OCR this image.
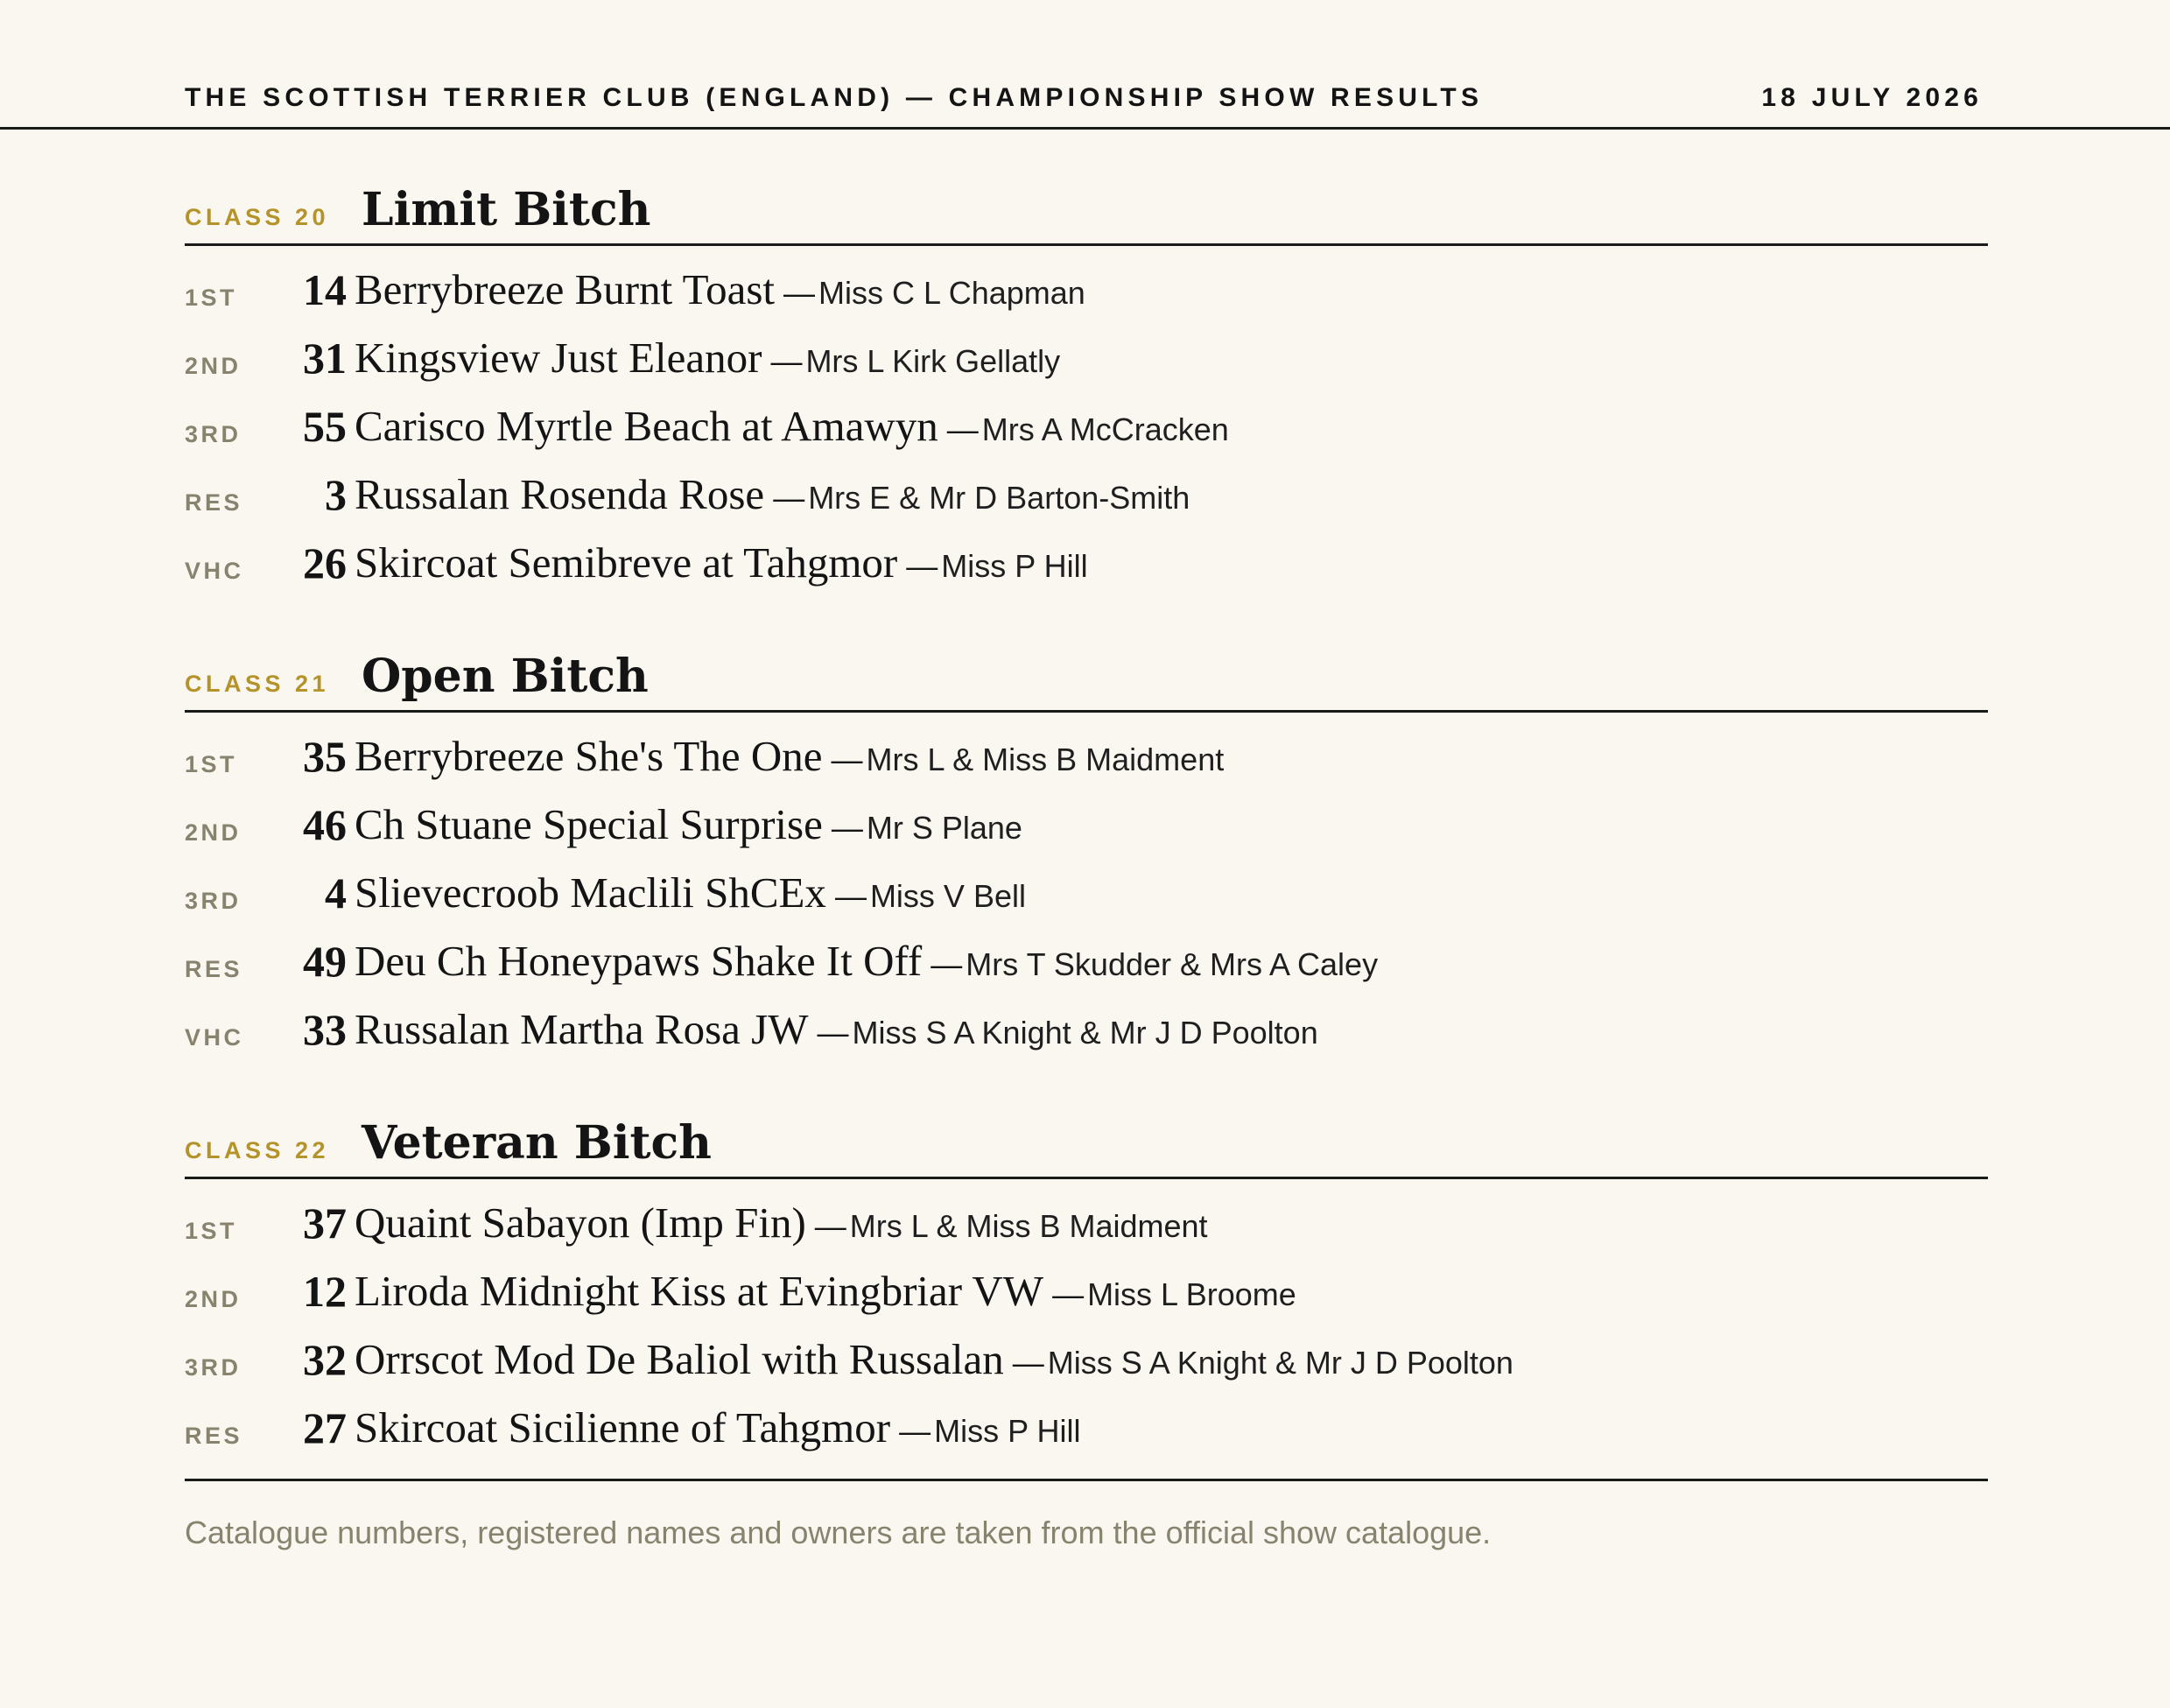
THE SCOTTISH TERRIER CLUB (ENGLAND) — CHAMPIONSHIP SHOW RESULTS	18 JULY 2026
CLASS 20 Limit Bitch
1ST	14 Berrybreeze Burnt Toast — Miss C L Chapman
2ND	31 Kingsview Just Eleanor — Mrs L Kirk Gellatly
3RD	55 Carisco Myrtle Beach at Amawyn — Mrs A McCracken
RES	3 Russalan Rosenda Rose — Mrs E & Mr D Barton-Smith
VHC	26 Skircoat Semibreve at Tahgmor — Miss P Hill
CLASS 21 Open Bitch
1ST	35 Berrybreeze She's The One — Mrs L & Miss B Maidment
2ND	46 Ch Stuane Special Surprise — Mr S Plane
3RD	4 Slievecroob Maclili ShCEx — Miss V Bell
RES	49 Deu Ch Honeypaws Shake It Off — Mrs T Skudder & Mrs A Caley
VHC	33 Russalan Martha Rosa JW — Miss S A Knight & Mr J D Poolton
CLASS 22 Veteran Bitch
1ST	37 Quaint Sabayon (Imp Fin) — Mrs L & Miss B Maidment
2ND	12 Liroda Midnight Kiss at Evingbriar VW — Miss L Broome
3RD	32 Orrscot Mod De Baliol with Russalan — Miss S A Knight & Mr J D Poolton
RES	27 Skircoat Sicilienne of Tahgmor — Miss P Hill
Catalogue numbers, registered names and owners are taken from the official show catalogue.
